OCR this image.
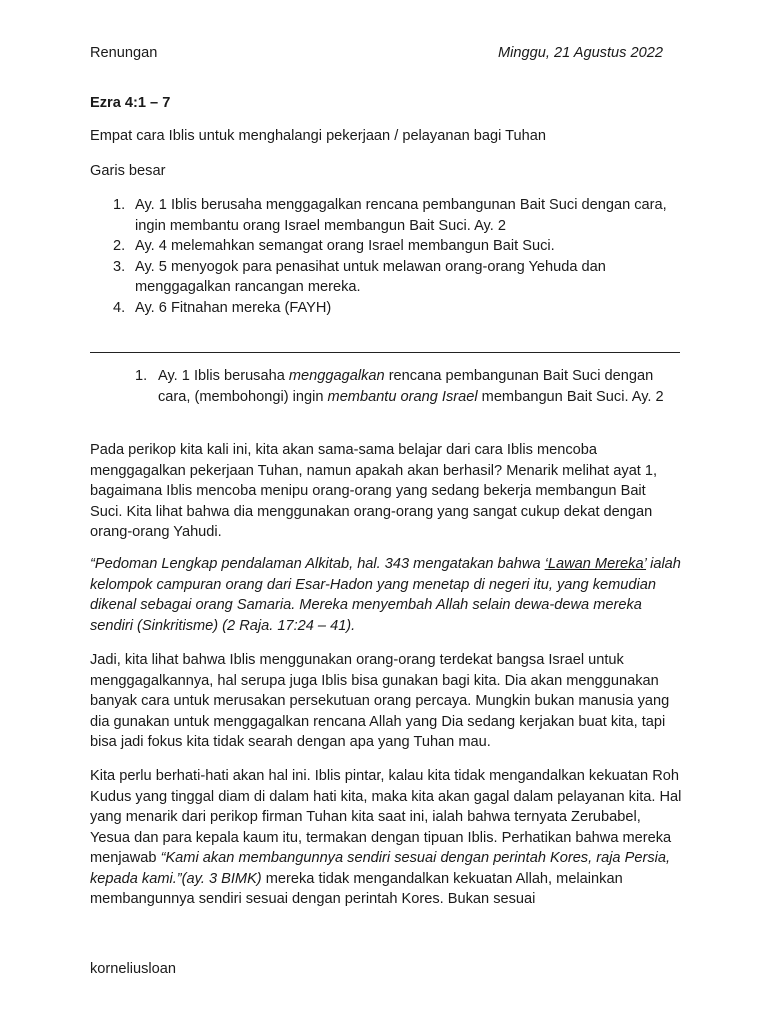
Renungan	Minggu, 21 Agustus 2022
Ezra 4:1 – 7
Empat cara Iblis untuk menghalangi pekerjaan / pelayanan bagi Tuhan
Garis besar
1. Ay. 1 Iblis berusaha menggagalkan rencana pembangunan Bait Suci dengan cara, ingin membantu orang Israel membangun Bait Suci. Ay. 2
2. Ay. 4 melemahkan semangat orang Israel membangun Bait Suci.
3. Ay. 5 menyogok para penasihat untuk melawan orang-orang Yehuda dan menggagalkan rancangan mereka.
4. Ay. 6 Fitnahan mereka (FAYH)
1. Ay. 1 Iblis berusaha menggagalkan rencana pembangunan Bait Suci dengan cara, (membohongi) ingin membantu orang Israel membangun Bait Suci. Ay. 2

Pada perikop kita kali ini, kita akan sama-sama belajar dari cara Iblis mencoba menggagalkan pekerjaan Tuhan, namun apakah akan berhasil? Menarik melihat ayat 1, bagaimana Iblis mencoba menipu orang-orang yang sedang bekerja membangun Bait Suci. Kita lihat bahwa dia menggunakan orang-orang yang sangat cukup dekat dengan orang-orang Yahudi.

“Pedoman Lengkap pendalaman Alkitab, hal. 343 mengatakan bahwa ‘Lawan Mereka’ ialah kelompok campuran orang dari Esar-Hadon yang menetap di negeri itu, yang kemudian dikenal sebagai orang Samaria. Mereka menyembah Allah selain dewa-dewa mereka sendiri (Sinkritisme) (2 Raja. 17:24 – 41).

Jadi, kita lihat bahwa Iblis menggunakan orang-orang terdekat bangsa Israel untuk menggagalkannya, hal serupa juga Iblis bisa gunakan bagi kita. Dia akan menggunakan banyak cara untuk merusakan persekutuan orang percaya. Mungkin bukan manusia yang dia gunakan untuk menggagalkan rencana Allah yang Dia sedang kerjakan buat kita, tapi bisa jadi fokus kita tidak searah dengan apa yang Tuhan mau.

Kita perlu berhati-hati akan hal ini. Iblis pintar, kalau kita tidak mengandalkan kekuatan Roh Kudus yang tinggal diam di dalam hati kita, maka kita akan gagal dalam pelayanan kita. Hal yang menarik dari perikop firman Tuhan kita saat ini, ialah bahwa ternyata Zerubabel, Yesua dan para kepala kaum itu, termakan dengan tipuan Iblis. Perhatikan bahwa mereka menjawab “Kami akan membangunnya sendiri sesuai dengan perintah Kores, raja Persia, kepada kami.”(ay. 3 BIMK) mereka tidak mengandalkan kekuatan Allah, melainkan membangunnya sendiri sesuai dengan perintah Kores. Bukan sesuai

korneliusloan
